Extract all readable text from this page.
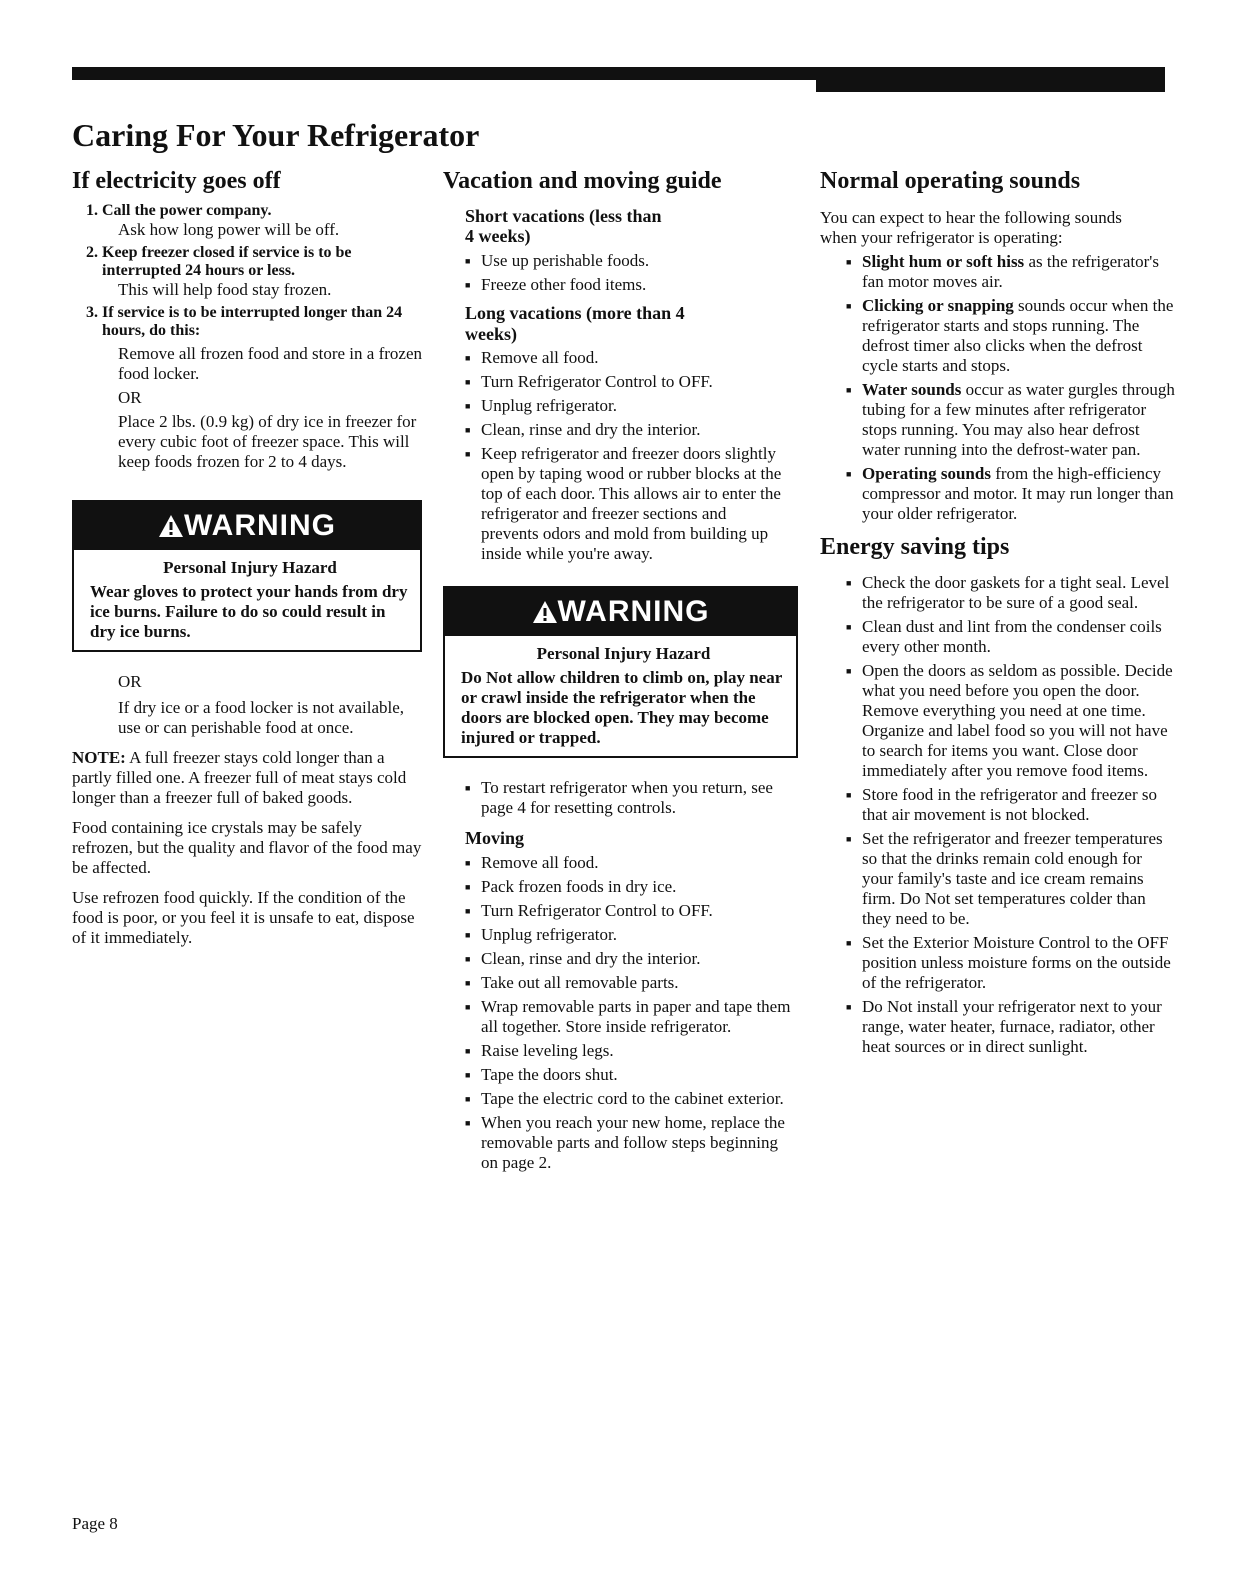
Caring For Your Refrigerator
If electricity goes off
1. Call the power company.

Ask how long power will be off.

2. Keep freezer closed if service is to be interrupted 24 hours or less.

This will help food stay frozen.

3. If service is to be interrupted longer than 24 hours, do this:

Remove all frozen food and store in a frozen food locker.

OR

Place 2 lbs. (0.9 kg) of dry ice in freezer for every cubic foot of freezer space. This will keep foods frozen for 2 to 4 days.

WARNING
Personal Injury Hazard

Wear gloves to protect your hands from dry ice burns. Failure to do so could result in dry ice burns.

OR

If dry ice or a food locker is not available, use or can perishable food at once.

NOTE: A full freezer stays cold longer than a partly filled one. A freezer full of meat stays cold longer than a freezer full of baked goods.

Food containing ice crystals may be safely refrozen, but the quality and flavor of the food may be affected.

Use refrozen food quickly. If the condition of the food is poor, or you feel it is unsafe to eat, dispose of it immediately.

Vacation and moving guide
Short vacations (less than 4 weeks)
■ Use up perishable foods.
■ Freeze other food items.
Long vacations (more than 4 weeks)
■ Remove all food.
■ Turn Refrigerator Control to OFF.
■ Unplug refrigerator.
■ Clean, rinse and dry the interior.
■ Keep refrigerator and freezer doors slightly open by taping wood or rubber blocks at the top of each door. This allows air to enter the refrigerator and freezer sections and prevents odors and mold from building up inside while you're away.
WARNING
Personal Injury Hazard

Do Not allow children to climb on, play near or crawl inside the refrigerator when the doors are blocked open. They may become injured or trapped.

■ To restart refrigerator when you return, see page 4 for resetting controls.
Moving
■ Remove all food.
■ Pack frozen foods in dry ice.
■ Turn Refrigerator Control to OFF.
■ Unplug refrigerator.
■ Clean, rinse and dry the interior.
■ Take out all removable parts.
■ Wrap removable parts in paper and tape them all together. Store inside refrigerator.
■ Raise leveling legs.
■ Tape the doors shut.
■ Tape the electric cord to the cabinet exterior.
■ When you reach your new home, replace the removable parts and follow steps beginning on page 2.
Normal operating sounds

You can expect to hear the following sounds when your refrigerator is operating:

■ Slight hum or soft hiss as the refrigerator's fan motor moves air.
■ Clicking or snapping sounds occur when the refrigerator starts and stops running. The defrost timer also clicks when the defrost cycle starts and stops.
■ Water sounds occur as water gurgles through tubing for a few minutes after refrigerator stops running. You may also hear defrost water running into the defrost-water pan.
■ Operating sounds from the high-efficiency compressor and motor. It may run longer than your older refrigerator.
Energy saving tips
■ Check the door gaskets for a tight seal. Level the refrigerator to be sure of a good seal.
■ Clean dust and lint from the condenser coils every other month.
■ Open the doors as seldom as possible. Decide what you need before you open the door. Remove everything you need at one time. Organize and label food so you will not have to search for items you want. Close door immediately after you remove food items.
■ Store food in the refrigerator and freezer so that air movement is not blocked.
■ Set the refrigerator and freezer temperatures so that the drinks remain cold enough for your family's taste and ice cream remains firm. Do Not set temperatures colder than they need to be.
■ Set the Exterior Moisture Control to the OFF position unless moisture forms on the outside of the refrigerator.
■ Do Not install your refrigerator next to your range, water heater, furnace, radiator, other heat sources or in direct sunlight.
Page 8
